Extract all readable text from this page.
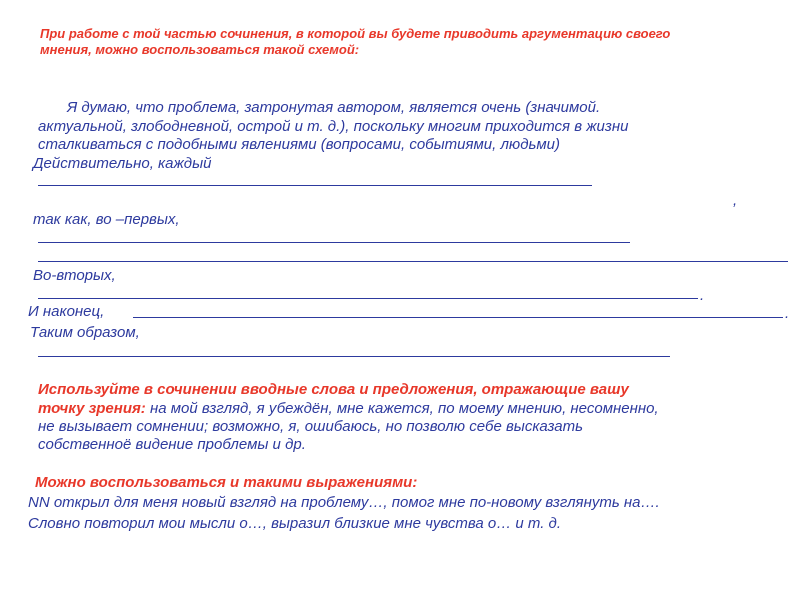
При работе с той частью сочинения, в которой вы будете приводить аргументацию своего
мнения, можно воспользоваться такой схемой:
Я думаю, что проблема, затронутая автором, является очень (значимой.
актуальной, злободневной, острой и т. д.), поскольку многим приходится в жизни
сталкиваться с подобными явлениями (вопросами, событиями, людьми)
Действительно, каждый
,
так как, во –первых,
Во-вторых,
.
И наконец,	.
Таким образом,
Используйте в сочинении вводные слова и предложения, отражающие вашу
точку зрения: на мой взгляд, я убеждён, мне кажется, по моему мнению, несомненно,
не вызывает сомнении; возможно, я, ошибаюсь, но позволю себе высказать
собственноё видение проблемы и др.
Можно воспользоваться и такими выражениями:
NN открыл для меня новый взгляд на проблему…, помог мне по-новому взглянуть на….
Словно повторил мои мысли о…, выразил близкие мне чувства о… и т. д.
